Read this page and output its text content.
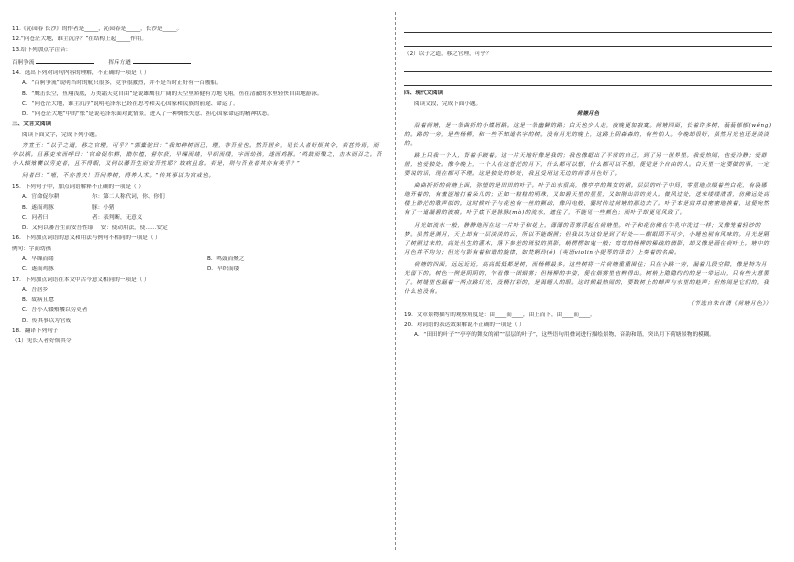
11.《沁园春 长沙》的作者是_____，沁园春是_____，长沙是_____。
12.“问苍茫大地，谁主沉浮？”在结构上起_____作用。
13.给下列加点字注音：
百舸争流	挥斥方遒
14．选出下列对词句内容的理解，不正确的一项是（ ）
A．“百舸争流”说明当时的航只很多，竞争很激烈，并不是当时正好有一百艘船。
B．“鹰击长空，鱼翔浅底，万类霜天竞自由”是说雄鹰在广阔的天空里矫健有力地飞翔，鱼在清澈的水里轻快自由地游泳。
C．“问苍茫大地，谁主沉浮”说明毛泽东已经在思考和关心国家和民族的前途、命运了。
D．“问苍茫大地”中的“怅”是说毛泽东面对此情景，进入了一种惆怅失意、担心国家命运的精神状态。
三、文言文阅读
阅读下面文字，完成下列小题。
齐宣王：“以子之道，移之官理，可乎？”郭橐驼曰：“我知种树而已，理，非吾业也。然吾居乡，见长人者好烦其令，若甚怜焉，而卒以祸。旦暮吏来而呼曰：‘官命促尔耕，勖尔植，督尔获，早缫而绪，早织而缕，字而幼孩，遂而鸡豚。’鸣鼓而聚之，击木而召之。吾小人辍飧饔以劳吏者，且不得暇，又何以蕃吾生而安吾性耶？故病且怠。若是，则与吾业者其亦有类乎？”
问者曰：“嘻，不亦善夫！吾问养树，得养人术。”传其事以为官戒也。
15．下列句子中，加点词语解释不正确的一项是（ ）
A．官命促尔耕	尔：第二人称代词，你、你们
B．遂而鸡豚	豚：小猪
C．问者曰	者：表判断，无意义
D．又何以蕃吾生而安吾性耶 安：使动用法，使……安定
16．下列加点词语的意义和用法与例句不相同的一项是（ ）
例句：字而幼孩
A．早缫而绪	B．鸣鼓而聚之
C．遂而鸡豚	D．早织而缕
17．下列加点词语在本文中古今意义相同的一项是（ ）
A．吾居乡
B．故病且怠
C．吾小人辍飧饔以劳吏者
D．传其事以为官戒
18．翻译下列句子
（1）见长人者好烦其令
（2）以子之道，移之官理，可乎？
四、现代文阅读
阅读文段，完成下面小题。
荷塘月色
沿着荷塘，是一条曲折的小煤屑路。这是一条幽僻的路；白天也少人走，夜晚更加寂寞。荷塘四面，长着许多树，蓊蓊郁郁(wěng)的。路的一旁，是些杨柳，和一些不知道名字的树。没有月光的晚上，这路上阴森森的，有些怕人。今晚却很好，虽然月光也还是淡淡的。
路上只我一个人，背着手踱着。这一片天地好像是我的；我也像超出了平常的自己，到了另一世界里。我爱热闹，也爱冷静；爱群居，也爱独处。像今晚上，一个人在这苍茫的月下，什么都可以想，什么都可以不想，便觉是个自由的人。白天里一定要做的事，一定要说的话，现在都可不理。这是独处的妙处，我且受用这无边的荷香月色好了。
曲曲折折的荷塘上面，弥望的是田田的叶子。叶子出水很高，像亭亭的舞女的裙。层层的叶子中间，零星地点缀着些白花，有袅娜地开着的，有羞涩地打着朵儿的；正如一粒粒的明珠，又如碧天里的星星，又如刚出浴的美人。微风过处，送来缕缕清香，仿佛远处高楼上渺茫的歌声似的。这时候叶子与花也有一丝的颤动，像闪电般，霎时传过荷塘的那边去了。叶子本是肩并肩密密地挨着，这便宛然有了一道凝碧的波痕。叶子底下是脉脉(mò)的流水，遮住了，不能见一些颜色；而叶子却更见风致了。
月光如流水一般，静静地泻在这一片叶子和花上。薄薄的青雾浮起在荷塘里。叶子和花仿佛在牛乳中洗过一样；又像笼着轻纱的梦。虽然是满月，天上却有一层淡淡的云，所以不能朗照；但我以为这恰是到了好处——酣眠固不可少，小睡也别有风味的。月光是隔了树照过来的，高处丛生的灌木，落下参差的斑驳的黑影，峭楞楞如鬼一般；弯弯的杨柳的稀疏的倩影，却又像是画在荷叶上。塘中的月色并不均匀；但光与影有着和谐的旋律，如梵婀玲(é)（英语violin小提琴的译音）上奏着的名曲。
荷塘的四面，远远近近，高高低低都是树，而杨柳最多。这些树将一片荷塘重重围住；只在小路一旁，漏着几段空隙，像是特为月光留下的。树色一例是阴阴的，乍看像一团烟雾；但杨柳的丰姿，便在烟雾里也辨得出。树梢上隐隐约约的是一带远山，只有些大意罢了。树缝里也漏着一两点路灯光，没精打彩的，是渴睡人的眼。这时候最热闹的，要数树上的蝉声与水里的蛙声；但热闹是它们的，我什么也没有。
（节选自朱自清《荷塘月色》）
19．文章景物描写的观察角度是：由____而____，由上而下，由____而____。
20．对词语的表达效果解说不正确的一项是（ ）
A．“田田的叶子”“亭亭的舞女的裙”“层层的叶子”，这些语句用叠词进行描绘景物，音韵和谐，突出月下荷塘景物的模糊。
